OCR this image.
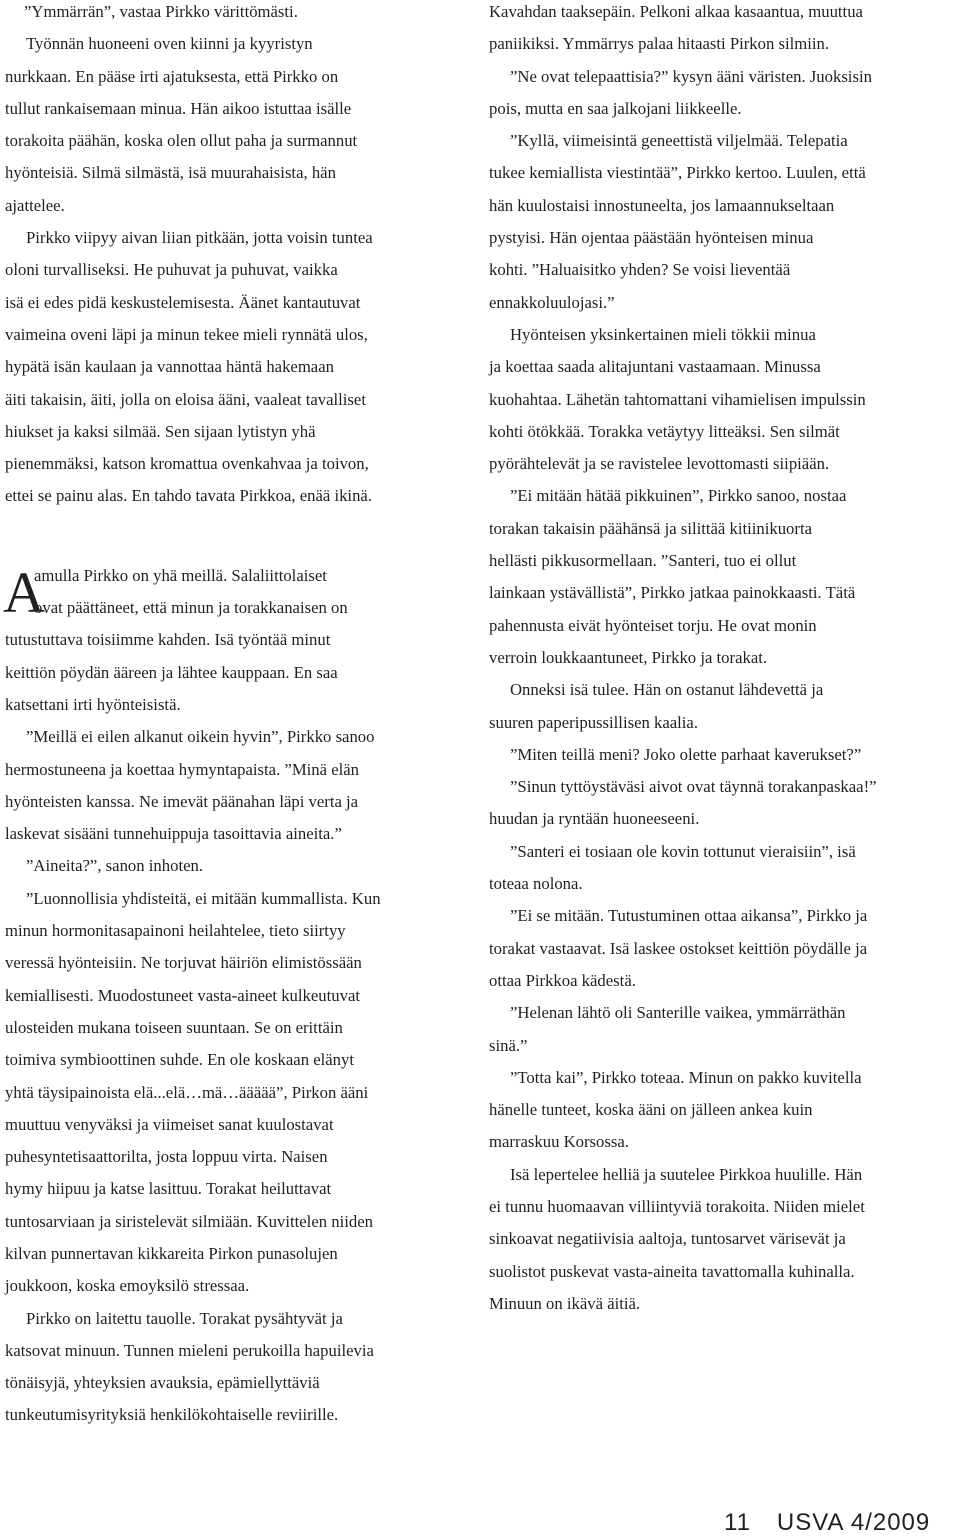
”Ymmärrän”, vastaa Pirkko värittömästi.
Työnnän huoneeni oven kiinni ja kyyristyn
nurkkaan. En pääse irti ajatuksesta, että Pirkko on
tullut rankaisemaan minua. Hän aikoo istuttaa isälle
torakoita päähän, koska olen ollut paha ja surmannut
hyönteisiä. Silmä silmästä, isä muurahaisista, hän
ajattelee.
Pirkko viipyy aivan liian pitkään, jotta voisin tuntea
oloni turvalliseksi. He puhuvat ja puhuvat, vaikka
isä ei edes pidä keskustelemisesta. Äänet kantautuvat
vaimeina oveni läpi ja minun tekee mieli rynnätä ulos,
hypätä isän kaulaan ja vannottaa häntä hakemaan
äiti takaisin, äiti, jolla on eloisa ääni, vaaleat tavalliset
hiukset ja kaksi silmää. Sen sijaan lytistyn yhä
pienemmäksi, katson kromattua ovenkahvaa ja toivon,
ettei se painu alas. En tahdo tavata Pirkkoa, enää ikinä.
A
amulla Pirkko on yhä meillä. Salaliittolaiset
ovat päättäneet, että minun ja torakkanaisen on
tutustuttava toisiimme kahden. Isä työntää minut
keittiön pöydän ääreen ja lähtee kauppaan. En saa
katsettani irti hyönteisistä.
”Meillä ei eilen alkanut oikein hyvin”, Pirkko sanoo
hermostuneena ja koettaa hymyntapaista. ”Minä elän
hyönteisten kanssa. Ne imevät päänahan läpi verta ja
laskevat sisääni tunnehuippuja tasoittavia aineita.”
”Aineita?”, sanon inhoten.
”Luonnollisia yhdisteitä, ei mitään kummallista. Kun
minun hormonitasapainoni heilahtelee, tieto siirtyy
veressä hyönteisiin. Ne torjuvat häiriön elimistössään
kemiallisesti. Muodostuneet vasta-aineet kulkeutuvat
ulosteiden mukana toiseen suuntaan. Se on erittäin
toimiva symbioottinen suhde. En ole koskaan elänyt
yhtä täysipainoista elä...elä…mä…äääää”, Pirkon ääni
muuttuu venyväksi ja viimeiset sanat kuulostavat
puhesyntetisaattorilta, josta loppuu virta. Naisen
hymy hiipuu ja katse lasittuu. Torakat heiluttavat
tuntosarviaan ja siristelevät silmiään. Kuvittelen niiden
kilvan punnertavan kikkareita Pirkon punasolujen
joukkoon, koska emoyksilö stressaa.
Pirkko on laitettu tauolle. Torakat pysähtyvät ja
katsovat minuun. Tunnen mieleni perukoilla hapuilevia
tönäisyjä, yhteyksien avauksia, epämiellyttäviä
tunkeutumisyrityksiä henkilökohtaiselle reviirille.
Kavahdan taaksepäin. Pelkoni alkaa kasaantua, muuttua
paniikiksi. Ymmärrys palaa hitaasti Pirkon silmiin.
”Ne ovat telepaattisia?” kysyn ääni väristen. Juoksisin
pois, mutta en saa jalkojani liikkeelle.
”Kyllä, viimeisintä geneettistä viljelmää. Telepatia
tukee kemiallista viestintää”, Pirkko kertoo. Luulen, että
hän kuulostaisi innostuneelta, jos lamaannukseltaan
pystyisi. Hän ojentaa päästään hyönteisen minua
kohti. ”Haluaisitko yhden? Se voisi lieventää
ennakkoluulojasi.”
Hyönteisen yksinkertainen mieli tökkii minua
ja koettaa saada alitajuntani vastaamaan. Minussa
kuohahtaa. Lähetän tahtomattani vihamielisen impulssin
kohti ötökkää. Torakka vetäytyy litteäksi. Sen silmät
pyörähtelevät ja se ravistelee levottomasti siipiään.
”Ei mitään hätää pikkuinen”, Pirkko sanoo, nostaa
torakan takaisin päähänsä ja silittää kitiinikuorta
hellästi pikkusormellaan. ”Santeri, tuo ei ollut
lainkaan ystävällistä”, Pirkko jatkaa painokkaasti. Tätä
pahennusta eivät hyönteiset torju. He ovat monin
verroin loukkaantuneet, Pirkko ja torakat.
Onneksi isä tulee. Hän on ostanut lähdevettä ja
suuren paperipussillisen kaalia.
”Miten teillä meni? Joko olette parhaat kaverukset?”
”Sinun tyttöystäväsi aivot ovat täynnä torakanpaskaa!”
huudan ja ryntään huoneeseeni.
”Santeri ei tosiaan ole kovin tottunut vieraisiin”, isä
toteaa nolona.
”Ei se mitään. Tutustuminen ottaa aikansa”, Pirkko ja
torakat vastaavat. Isä laskee ostokset keittiön pöydälle ja
ottaa Pirkkoa kädestä.
”Helenan lähtö oli Santerille vaikea, ymmärräthän
sinä.”
”Totta kai”, Pirkko toteaa. Minun on pakko kuvitella
hänelle tunteet, koska ääni on jälleen ankea kuin
marraskuu Korsossa.
Isä lepertelee helliä ja suutelee Pirkkoa huulille. Hän
ei tunnu huomaavan villiintyviä torakoita. Niiden mielet
sinkoavat negatiivisia aaltoja, tuntosarvet värisevät ja
suolistot puskevat vasta-aineita tavattomalla kuhinalla.
Minuun on ikävä äitiä.
11 USVA 4/2009
